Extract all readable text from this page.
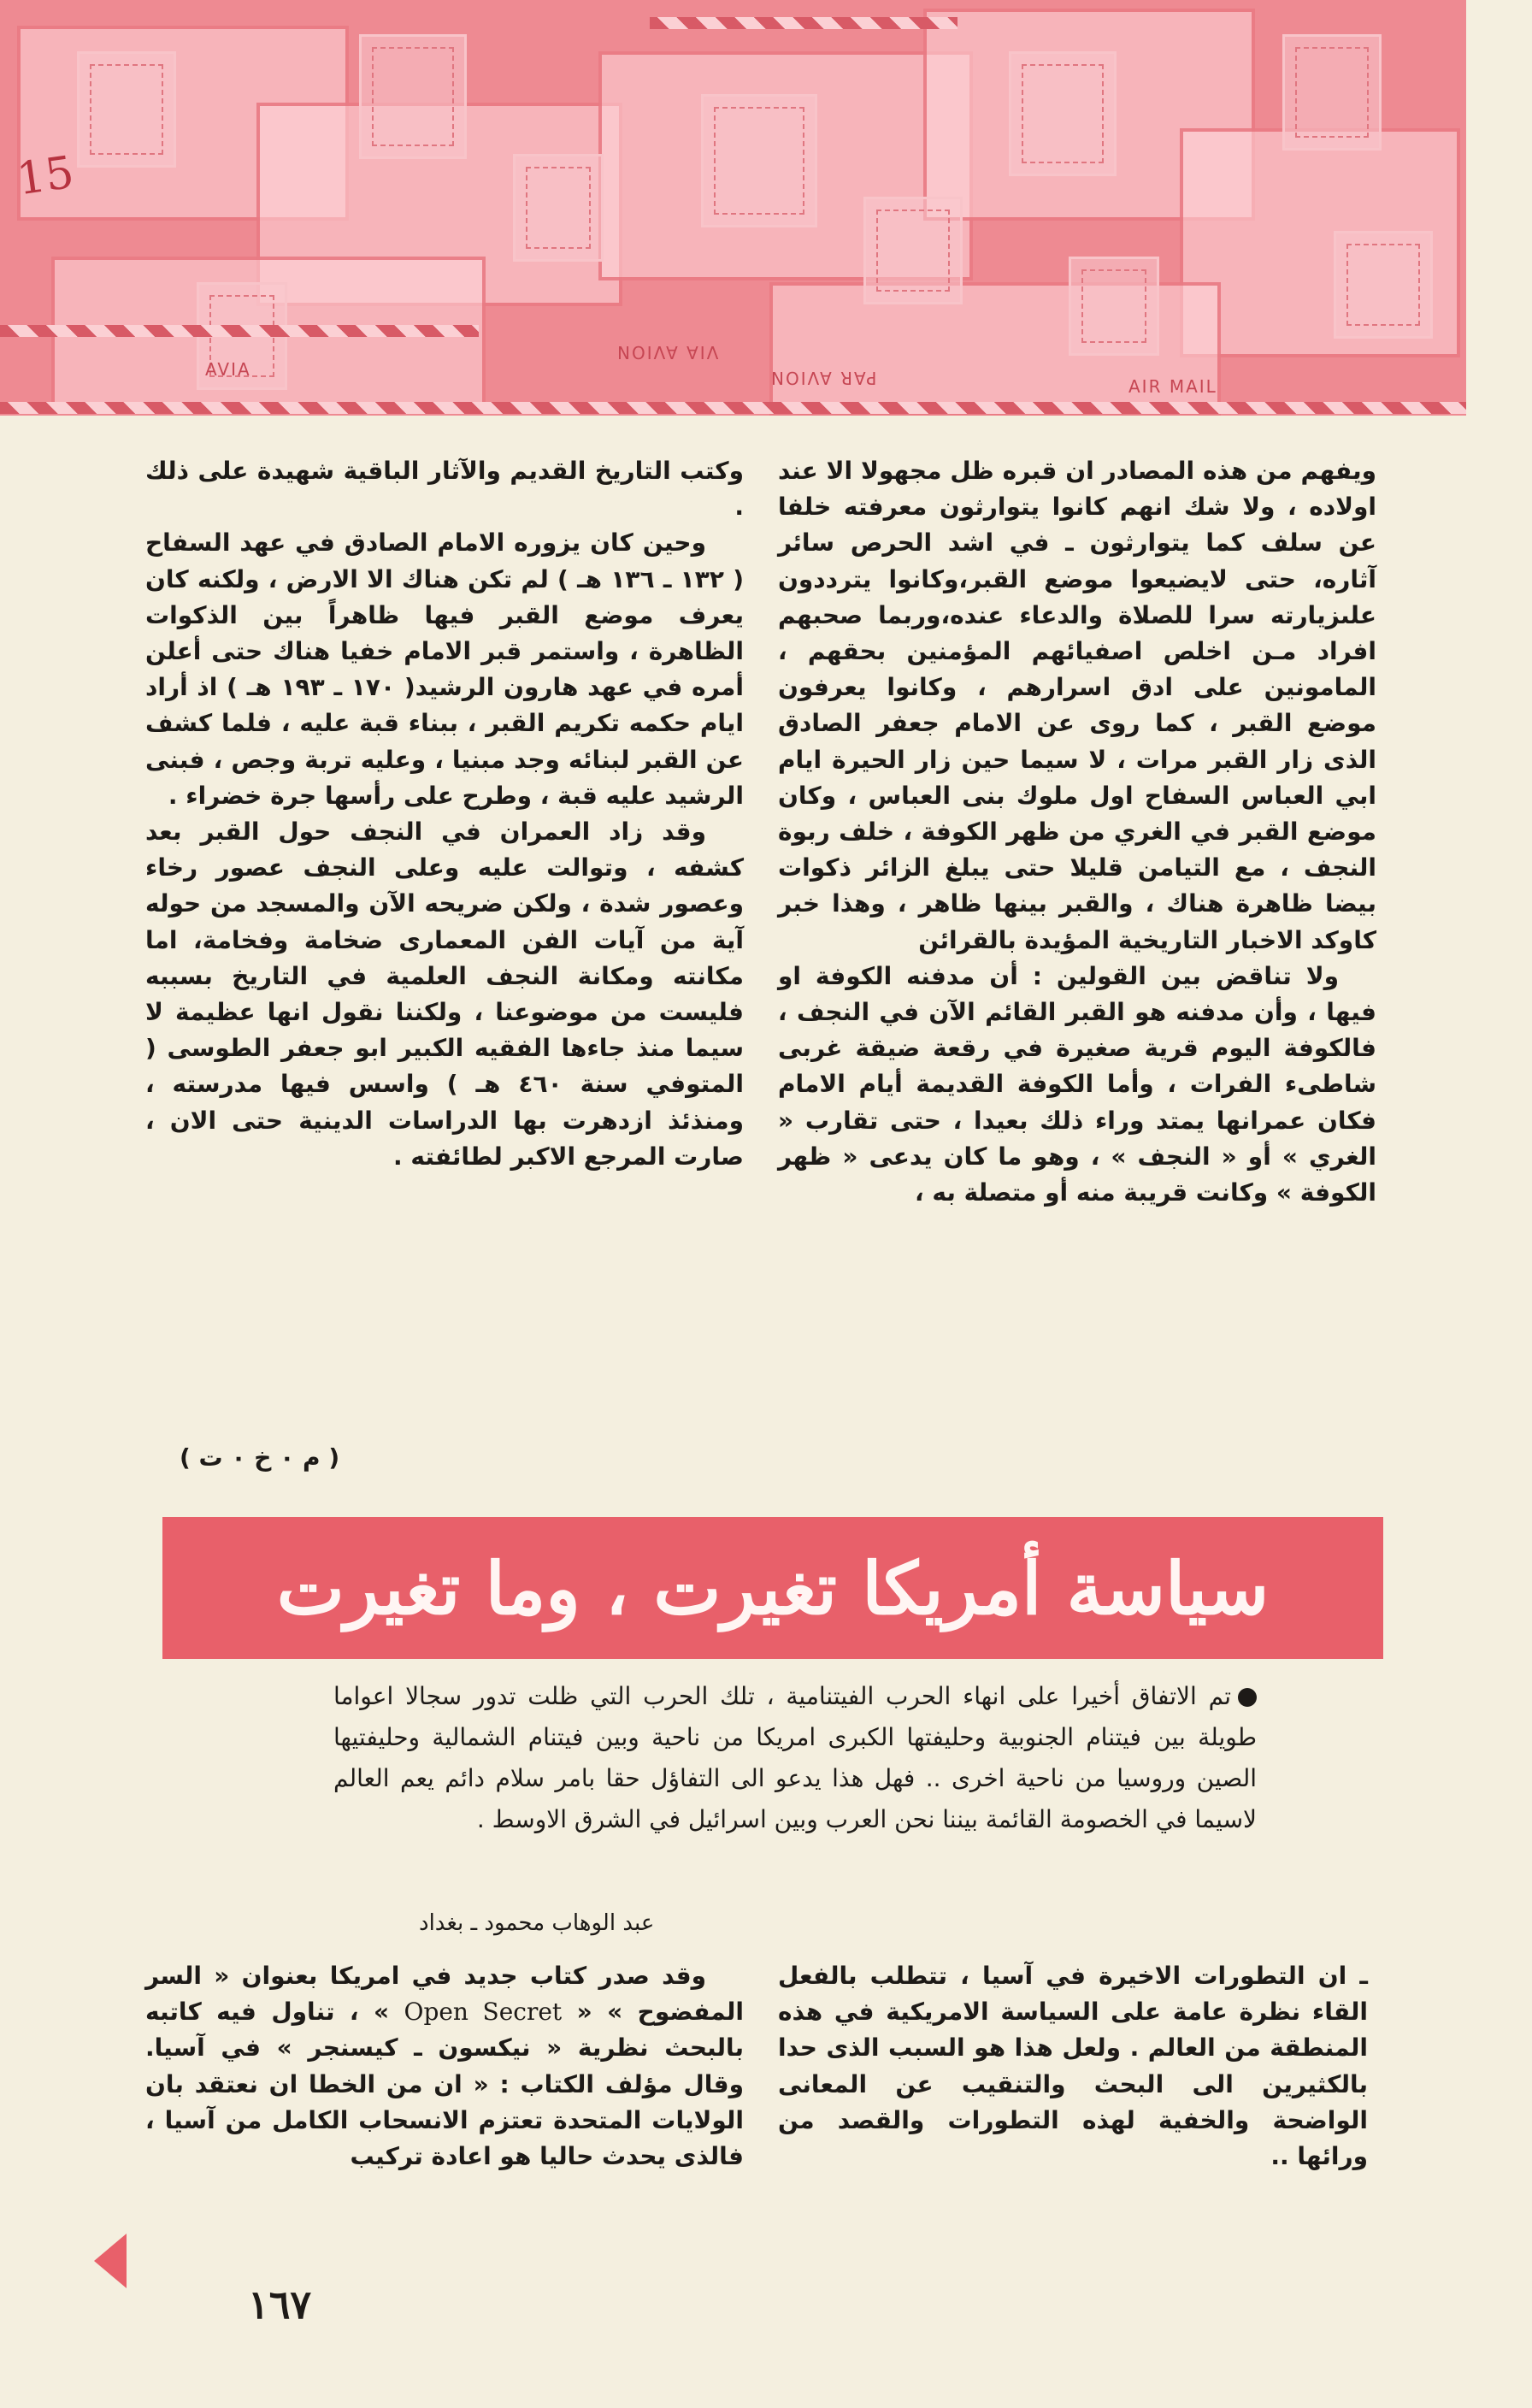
15
AVIA
VIA AVION
PAR AVION	AIR MAIL

ويفهم من هذه المصادر ان قبره ظل مجهولا الا عند اولاده ، ولا شك انهم كانوا يتوارثون معرفته خلفا عن سلف كما يتوارثون ـ في اشد الحرص سائر آثاره، حتى لايضيعوا موضع القبر،وكانوا يترددون علىزيارته سرا للصلاة والدعاء عنده،وربما صحبهم افراد مـن اخلص اصفيائهم المؤمنين بحقهم ، المامونين على ادق اسرارهم ، وكانوا يعرفون موضع القبر ، كما روى عن الامام جعفر الصادق الذى زار القبر مرات ، لا سيما حين زار الحيرة ايام ابي العباس السفاح اول ملوك بنى العباس ، وكان موضع القبر في الغري من ظهر الكوفة ، خلف ربوة النجف ، مع التيامن قليلا حتى يبلغ الزائر ذكوات بيضا ظاهرة هناك ، والقبر بينها ظاهر ، وهذا خبر كاوكد الاخبار التاريخية المؤيدة بالقرائن

ولا تناقض بين القولين : أن مدفنه الكوفة او فيها ، وأن مدفنه هو القبر القائم الآن في النجف ، فالكوفة اليوم قرية صغيرة في رقعة ضيقة غربى شاطىء الفرات ، وأما الكوفة القديمة أيام الامام فكان عمرانها يمتد وراء ذلك بعيدا ، حتى تقارب « الغري » أو « النجف » ، وهو ما كان يدعى « ظهر الكوفة » وكانت قريبة منه أو متصلة به ،

وكتب التاريخ القديم والآثار الباقية شهيدة على ذلك .

وحين كان يزوره الامام الصادق في عهد السفاح ( ١٣٢ ـ ١٣٦ هـ ) لم تكن هناك الا الارض ، ولكنه كان يعرف موضع القبر فيها ظاهراً بين الذكوات الظاهرة ، واستمر قبر الامام خفيا هناك حتى أعلن أمره في عهد هارون الرشيد( ١٧٠ ـ ١٩٣ هـ ) اذ أراد ايام حكمه تكريم القبر ، ببناء قبة عليه ، فلما كشف عن القبر لبنائه وجد مبنيا ، وعليه تربة وجص ، فبنى الرشيد عليه قبة ، وطرح على رأسها جرة خضراء .

وقد زاد العمران في النجف حول القبر بعد كشفه ، وتوالت عليه وعلى النجف عصور رخاء وعصور شدة ، ولكن ضريحه الآن والمسجد من حوله آية من آيات الفن المعمارى ضخامة وفخامة، اما مكانته ومكانة النجف العلمية في التاريخ بسببه فليست من موضوعنا ، ولكننا نقول انها عظيمة لا سيما منذ جاءها الفقيه الكبير ابو جعفر الطوسى ( المتوفي سنة ٤٦٠ هـ ) واسس فيها مدرسته ، ومنذئذ ازدهرت بها الدراسات الدينية حتى الان ، صارت المرجع الاكبر لطائفته .

( م ٠ خ ٠ ت )
سياسة أمريكا تغيرت ، وما تغيرت

تم الاتفاق أخيرا على انهاء الحرب الفيتنامية ، تلك الحرب التي ظلت تدور سجالا اعواما طويلة بين فيتنام الجنوبية وحليفتها الكبرى امريكا من ناحية وبين فيتنام الشمالية وحليفتيها الصين وروسيا من ناحية اخرى .. فهل هذا يدعو الى التفاؤل حقا بامر سلام دائم يعم العالم لاسيما في الخصومة القائمة بيننا نحن العرب وبين اسرائيل في الشرق الاوسط .

عبد الوهاب محمود ـ بغداد

ـ ان التطورات الاخيرة في آسيا ، تتطلب بالفعل القاء نظرة عامة على السياسة الامريكية في هذه المنطقة من العالم . ولعل هذا هو السبب الذى حدا بالكثيرين الى البحث والتنقيب عن المعانى الواضحة والخفية لهذه التطورات والقصد من ورائها ..

وقد صدر كتاب جديد في امريكا بعنوان « السر المفضوح » « Open Secret » ، تناول فيه كاتبه بالبحث نظرية « نيكسون ـ كيسنجر » في آسيا. وقال مؤلف الكتاب : « ان من الخطا ان نعتقد بان الولايات المتحدة تعتزم الانسحاب الكامل من آسيا ، فالذى يحدث حاليا هو اعادة تركيب

١٦٧
